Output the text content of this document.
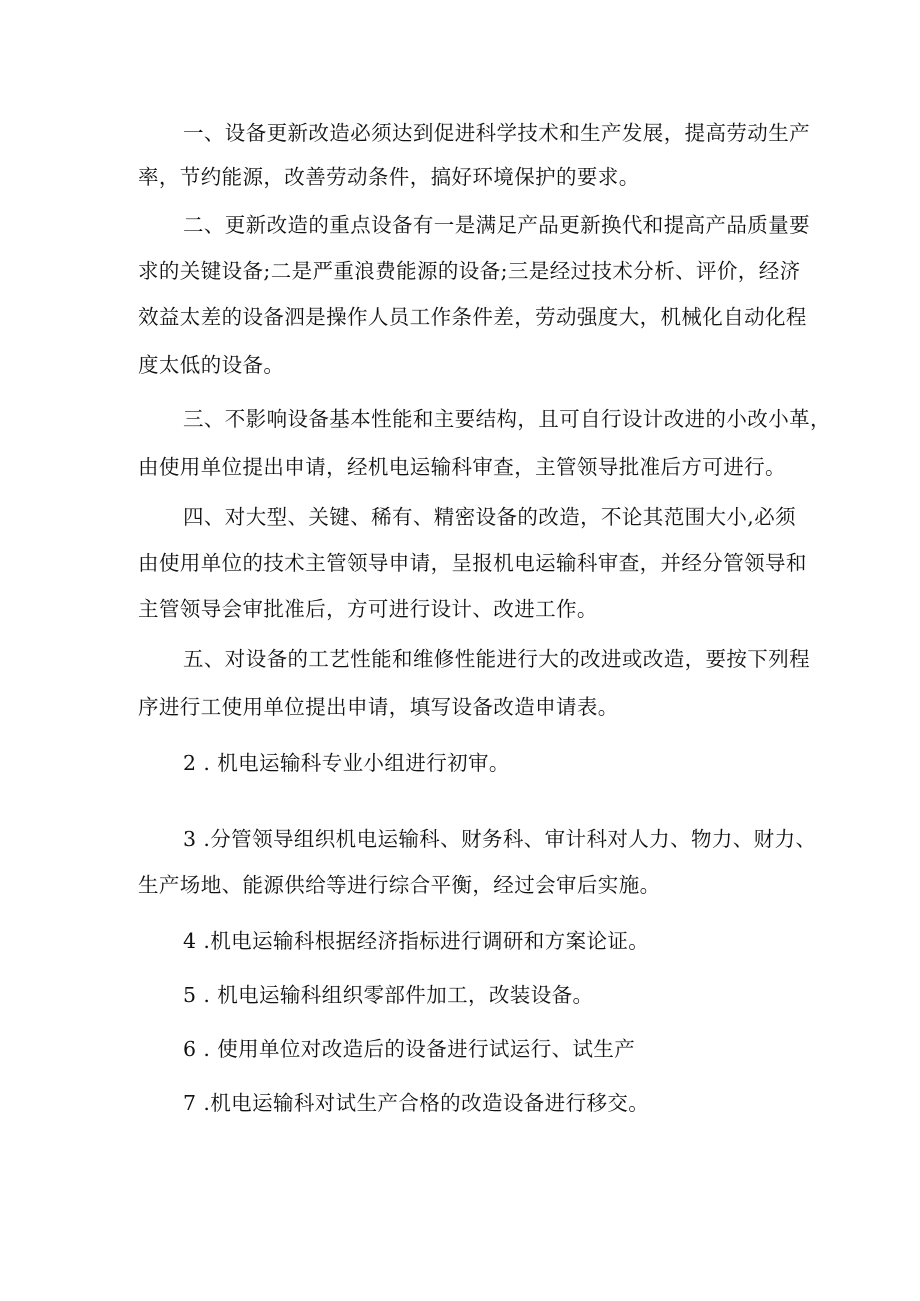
一、设备更新改造必须达到促进科学技术和生产发展，提高劳动生产
率，节约能源，改善劳动条件，搞好环境保护的要求。
二、更新改造的重点设备有一是满足产品更新换代和提高产品质量要
求的关键设备;二是严重浪费能源的设备;三是经过技术分析、评价，经济
效益太差的设备泗是操作人员工作条件差，劳动强度大，机械化自动化程
度太低的设备。
三、不影响设备基本性能和主要结构，且可自行设计改进的小改小革，
由使用单位提出申请，经机电运输科审查，主管领导批准后方可进行。
四、对大型、关键、稀有、精密设备的改造，不论其范围大小,必须
由使用单位的技术主管领导申请，呈报机电运输科审查，并经分管领导和
主管领导会审批准后，方可进行设计、改进工作。
五、对设备的工艺性能和维修性能进行大的改进或改造，要按下列程
序进行工使用单位提出申请，填写设备改造申请表。
2 . 机电运输科专业小组进行初审。
3 .分管领导组织机电运输科、财务科、审计科对人力、物力、财力、
生产场地、能源供给等进行综合平衡，经过会审后实施。
4 .机电运输科根据经济指标进行调研和方案论证。
5 . 机电运输科组织零部件加工，改装设备。
6 . 使用单位对改造后的设备进行试运行、试生产
7 .机电运输科对试生产合格的改造设备进行移交。
